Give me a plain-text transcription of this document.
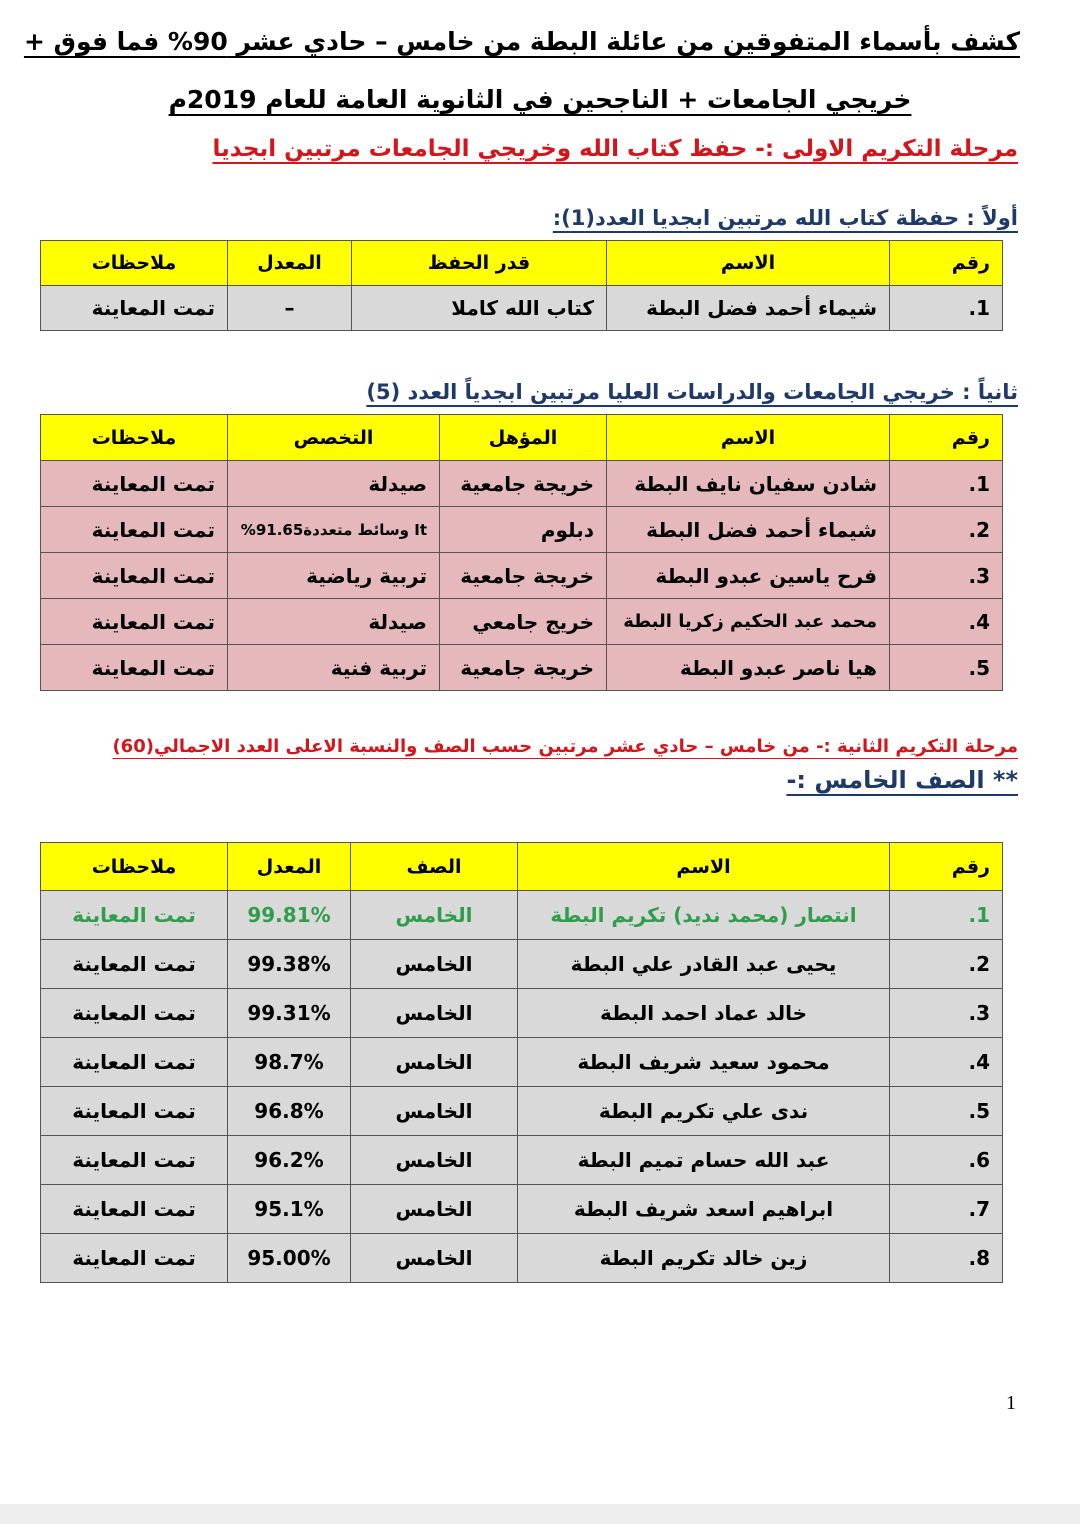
كشف بأسماء المتفوقين من عائلة البطة من خامس – حادي عشر 90% فما فوق +
خريجي الجامعات + الناجحين في الثانوية العامة للعام 2019م
مرحلة التكريم الاولى :- حفظ كتاب الله وخريجي الجامعات مرتبين ابجديا
أولاً : حفظة كتاب الله مرتبين ابجديا العدد(1):
رقم	الاسم	قدر الحفظ	المعدل	ملاحظات
1.	شيماء أحمد فضل البطة	كتاب الله كاملا	–	تمت المعاينة
ثانياً : خريجي الجامعات والدراسات العليا مرتبين ابجدياً العدد (5)
رقم	الاسم	المؤهل	التخصص	ملاحظات
1.	شادن سفيان نايف البطة	خريجة جامعية	صيدلة	تمت المعاينة
2.	شيماء أحمد فضل البطة	دبلوم	It وسائط متعددة91.65%	تمت المعاينة
3.	فرح ياسين عبدو البطة	خريجة جامعية	تربية رياضية	تمت المعاينة
4.	محمد عبد الحكيم زكريا البطة	خريج جامعي	صيدلة	تمت المعاينة
5.	هيا ناصر عبدو البطة	خريجة جامعية	تربية فنية	تمت المعاينة
مرحلة التكريم الثانية :- من خامس – حادي عشر مرتبين حسب الصف والنسبة الاعلى العدد الاجمالي(60)
** الصف الخامس :-
رقم	الاسم	الصف	المعدل	ملاحظات
1.	انتصار (محمد نديد) تكريم البطة	الخامس	99.81%	تمت المعاينة
2.	يحيى عبد القادر علي البطة	الخامس	99.38%	تمت المعاينة
3.	خالد عماد احمد البطة	الخامس	99.31%	تمت المعاينة
4.	محمود سعيد شريف البطة	الخامس	98.7%	تمت المعاينة
5.	ندى علي تكريم البطة	الخامس	96.8%	تمت المعاينة
6.	عبد الله حسام تميم البطة	الخامس	96.2%	تمت المعاينة
7.	ابراهيم اسعد شريف البطة	الخامس	95.1%	تمت المعاينة
8.	زين خالد تكريم البطة	الخامس	95.00%	تمت المعاينة
1
